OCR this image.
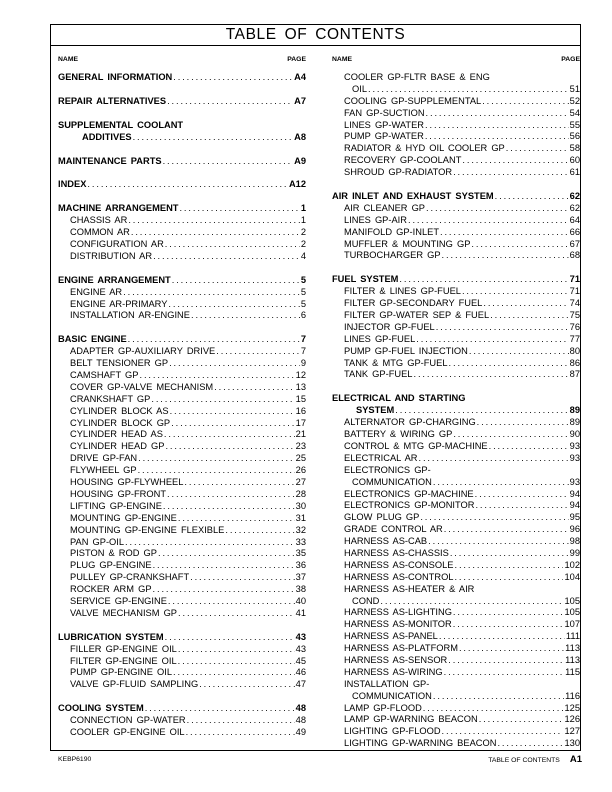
TABLE OF CONTENTS
NAME	PAGE
GENERAL INFORMATION . . .	A4
REPAIR ALTERNATIVES . . .	A7
SUPPLEMENTAL COOLANT
ADDITIVES . . .	A8
MAINTENANCE PARTS . . .	A9
INDEX . . .	A12
MACHINE ARRANGEMENT . . .	1
CHASSIS AR . . .	1
COMMON AR . . .	2
CONFIGURATION AR . . .	2
DISTRIBUTION AR . . .	4
ENGINE ARRANGEMENT . . .	5
ENGINE AR . . .	5
ENGINE AR-PRIMARY . . .	5
INSTALLATION AR-ENGINE . . .	6
BASIC ENGINE . . .	7
ADAPTER GP-AUXILIARY DRIVE . . .	7
BELT TENSIONER GP . . .	9
CAMSHAFT GP . . .	12
COVER GP-VALVE MECHANISM . . .	13
CRANKSHAFT GP . . .	15
CYLINDER BLOCK AS . . .	16
CYLINDER BLOCK GP . . .	17
CYLINDER HEAD AS . . .	21
CYLINDER HEAD GP . . .	23
DRIVE GP-FAN . . .	25
FLYWHEEL GP . . .	26
HOUSING GP-FLYWHEEL . . .	27
HOUSING GP-FRONT . . .	28
LIFTING GP-ENGINE . . .	30
MOUNTING GP-ENGINE . . .	31
MOUNTING GP-ENGINE FLEXIBLE . . .	32
PAN GP-OIL . . .	33
PISTON & ROD GP . . .	35
PLUG GP-ENGINE . . .	36
PULLEY GP-CRANKSHAFT . . .	37
ROCKER ARM GP . . .	38
SERVICE GP-ENGINE . . .	40
VALVE MECHANISM GP . . .	41
LUBRICATION SYSTEM . . .	43
FILLER GP-ENGINE OIL . . .	43
FILTER GP-ENGINE OIL . . .	45
PUMP GP-ENGINE OIL . . .	46
VALVE GP-FLUID SAMPLING . . .	47
COOLING SYSTEM . . .	48
CONNECTION GP-WATER . . .	48
COOLER GP-ENGINE OIL . . .	49
NAME	PAGE
COOLER GP-FLTR BASE & ENG
OIL . . .	51
COOLING GP-SUPPLEMENTAL . . .	52
FAN GP-SUCTION . . .	54
LINES GP-WATER . . .	55
PUMP GP-WATER . . .	56
RADIATOR & HYD OIL COOLER GP . . .	58
RECOVERY GP-COOLANT . . .	60
SHROUD GP-RADIATOR . . .	61
AIR INLET AND EXHAUST SYSTEM . . .	62
AIR CLEANER GP . . .	62
LINES GP-AIR . . .	64
MANIFOLD GP-INLET . . .	66
MUFFLER & MOUNTING GP . . .	67
TURBOCHARGER GP . . .	68
FUEL SYSTEM . . .	71
FILTER & LINES GP-FUEL . . .	71
FILTER GP-SECONDARY FUEL . . .	74
FILTER GP-WATER SEP & FUEL . . .	75
INJECTOR GP-FUEL . . .	76
LINES GP-FUEL . . .	77
PUMP GP-FUEL INJECTION . . .	80
TANK & MTG GP-FUEL . . .	86
TANK GP-FUEL . . .	87
ELECTRICAL AND STARTING
SYSTEM . . .	89
ALTERNATOR GP-CHARGING . . .	89
BATTERY & WIRING GP . . .	90
CONTROL & MTG GP-MACHINE . . .	93
ELECTRICAL AR . . .	93
ELECTRONICS GP-
COMMUNICATION . . .	93
ELECTRONICS GP-MACHINE . . .	94
ELECTRONICS GP-MONITOR . . .	94
GLOW PLUG GP . . .	95
GRADE CONTROL AR . . .	96
HARNESS AS-CAB . . .	98
HARNESS AS-CHASSIS . . .	99
HARNESS AS-CONSOLE . . .	102
HARNESS AS-CONTROL . . .	104
HARNESS AS-HEATER & AIR
COND . . .	105
HARNESS AS-LIGHTING . . .	105
HARNESS AS-MONITOR . . .	107
HARNESS AS-PANEL . . .	111
HARNESS AS-PLATFORM . . .	113
HARNESS AS-SENSOR . . .	113
HARNESS AS-WIRING . . .	115
INSTALLATION GP-
COMMUNICATION . . .	116
LAMP GP-FLOOD . . .	125
LAMP GP-WARNING BEACON . . .	126
LIGHTING GP-FLOOD . . .	127
LIGHTING GP-WARNING BEACON . . .	130
KEBP6190	TABLE OF CONTENTS A1
